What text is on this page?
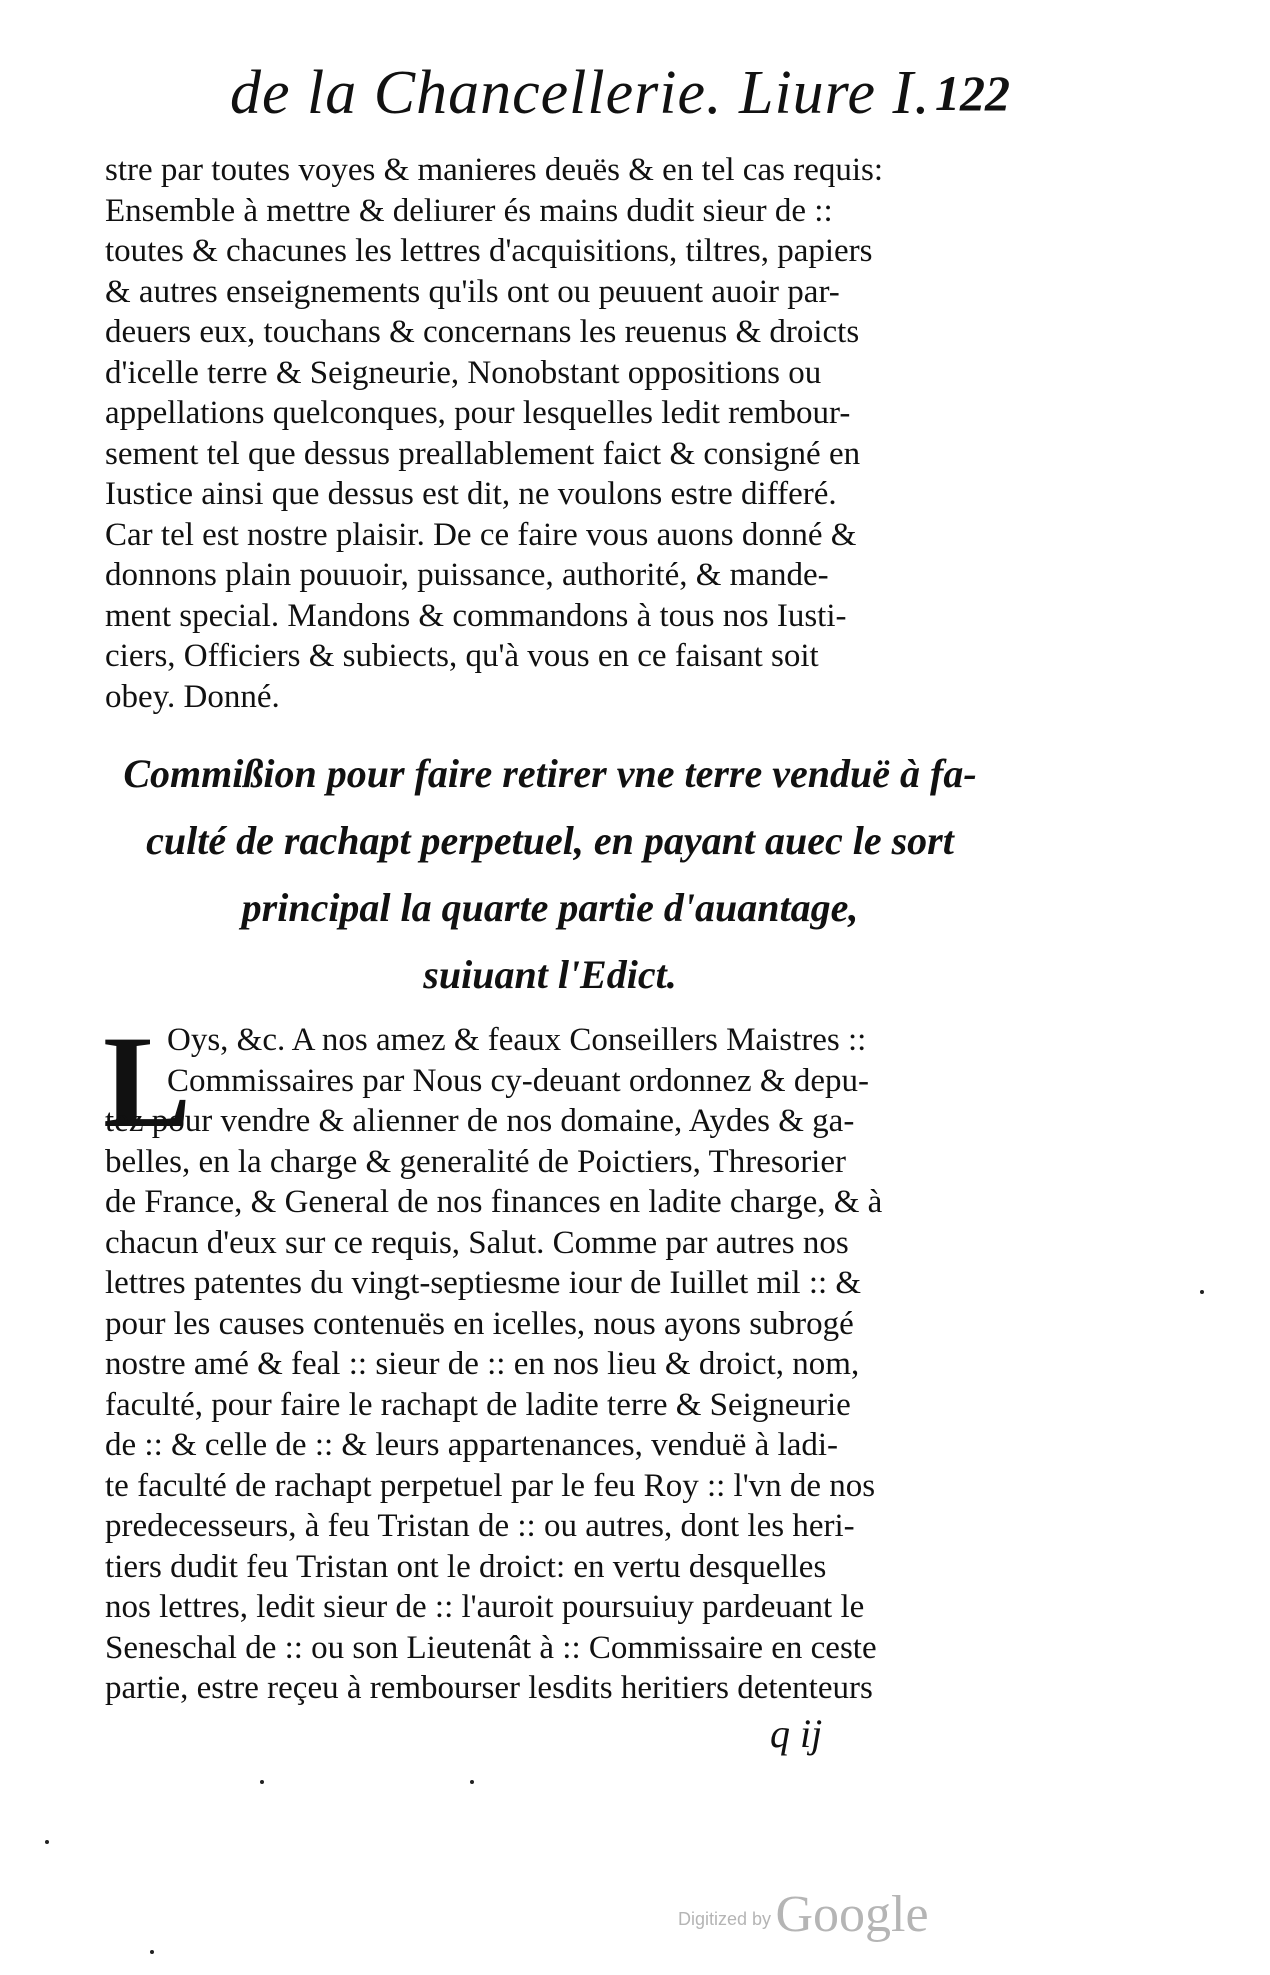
de la Chancellerie. Liure I. 122
stre par toutes voyes & manieres deuës & en tel cas requis:
Ensemble à mettre & deliurer és mains dudit sieur de ::
toutes & chacunes les lettres d'acquisitions, tiltres, papiers
& autres enseignements qu'ils ont ou peuuent auoir par-
deuers eux, touchans & concernans les reuenus & droicts
d'icelle terre & Seigneurie, Nonobstant oppositions ou
appellations quelconques, pour lesquelles ledit rembour-
sement tel que dessus preallablement faict & consigné en
Iustice ainsi que dessus est dit, ne voulons estre differé.
Car tel est nostre plaisir. De ce faire vous auons donné &
donnons plain pouuoir, puissance, authorité, & mande-
ment special. Mandons & commandons à tous nos Iusti-
ciers, Officiers & subiects, qu'à vous en ce faisant soit
obey. Donné.
Commißion pour faire retirer vne terre venduë à fa-
culté de rachapt perpetuel, en payant auec le sort
principal la quarte partie d'auantage,
suiuant l'Edict.
L
Oys, &c. A nos amez & feaux Conseillers Maistres ::
Commissaires par Nous cy-deuant ordonnez & depu-
tez pour vendre & alienner de nos domaine, Aydes & ga-
belles, en la charge & generalité de Poictiers, Thresorier
de France, & General de nos finances en ladite charge, & à
chacun d'eux sur ce requis, Salut. Comme par autres nos
lettres patentes du vingt-septiesme iour de Iuillet mil :: &
pour les causes contenuës en icelles, nous ayons subrogé
nostre amé & feal :: sieur de :: en nos lieu & droict, nom,
faculté, pour faire le rachapt de ladite terre & Seigneurie
de :: & celle de :: & leurs appartenances, venduë à ladi-
te faculté de rachapt perpetuel par le feu Roy :: l'vn de nos
predecesseurs, à feu Tristan de :: ou autres, dont les heri-
tiers dudit feu Tristan ont le droict: en vertu desquelles
nos lettres, ledit sieur de :: l'auroit poursuiuy pardeuant le
Seneschal de :: ou son Lieutenât à :: Commissaire en ceste
partie, estre reçeu à rembourser lesdits heritiers detenteurs
q ij
Digitized by Google
